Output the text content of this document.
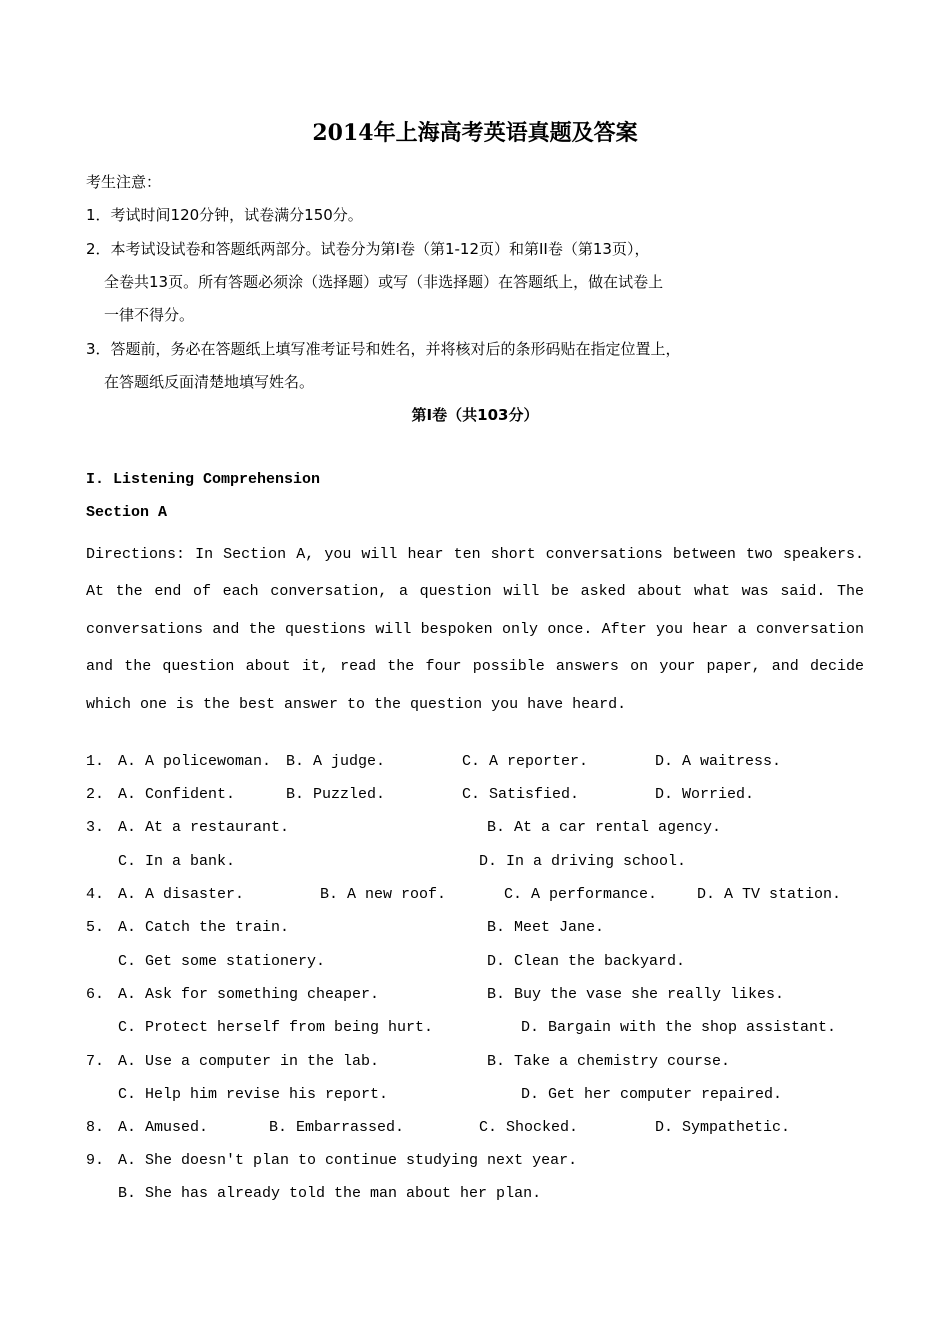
2014年上海高考英语真题及答案
考生注意：
1．考试时间120分钟，试卷满分150分。
2．本考试设试卷和答题纸两部分。试卷分为第I卷（第1-12页）和第II卷（第13页），
全卷共13页。所有答题必须涂（选择题）或写（非选择题）在答题纸上，做在试卷上
一律不得分。
3．答题前，务必在答题纸上填写准考证号和姓名，并将核对后的条形码贴在指定位置上，
在答题纸反面清楚地填写姓名。
第I卷（共103分）
I. Listening Comprehension
Section A

Directions: In Section A, you will hear ten short conversations between two speakers. At the end of each conversation, a question will be asked about what was said. The conversations and the questions will bespoken only once. After you hear a conversation and the question about it, read the four possible answers on your paper, and decide which one is the best answer to the question you have heard.

1. A. A policewoman. B. A judge.	C. A reporter.	D. A waitress.
2. A. Confident.	B. Puzzled.	C. Satisfied.	D. Worried.
3. A. At a restaurant.	B. At a car rental agency.
C. In a bank.	D. In a driving school.
4. A. A disaster.	B. A new roof.	C. A performance.	D. A TV station.
5. A. Catch the train.	B. Meet Jane.
C. Get some stationery.	D. Clean the backyard.
6. A. Ask for something cheaper.	B. Buy the vase she really likes.
C. Protect herself from being hurt.	D. Bargain with the shop assistant.
7. A. Use a computer in the lab.	B. Take a chemistry course.
C. Help him revise his report.	D. Get her computer repaired.
8. A. Amused.	B. Embarrassed.	C. Shocked.	D. Sympathetic.
9. A. She doesn't plan to continue studying next year.
B. She has already told the man about her plan.
